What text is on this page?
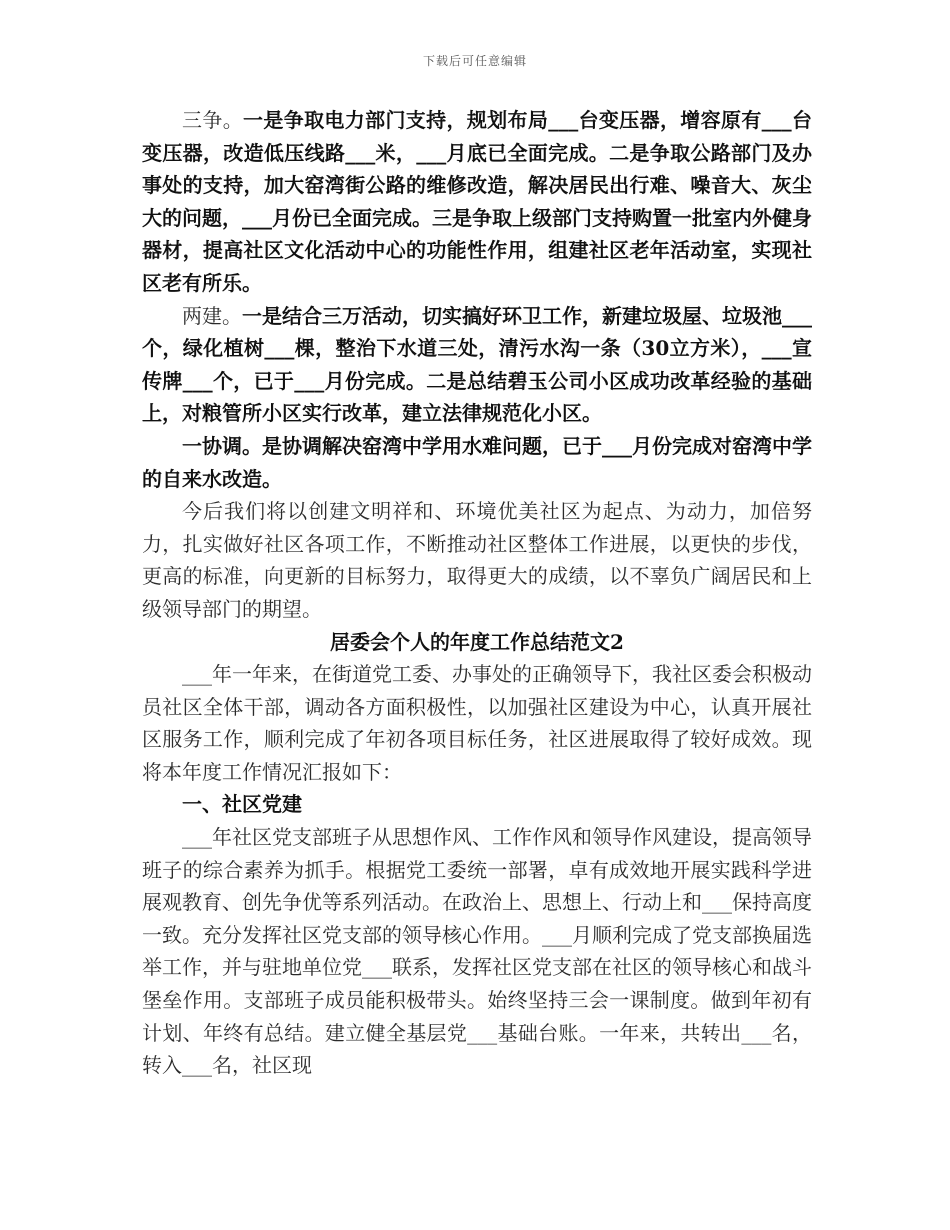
下载后可任意编辑

三争。一是争取电力部门支持，规划布局___台变压器，增容原有___台变压器，改造低压线路___米，___月底已全面完成。二是争取公路部门及办事处的支持，加大窑湾街公路的维修改造，解决居民出行难、噪音大、灰尘大的问题，___月份已全面完成。三是争取上级部门支持购置一批室内外健身器材，提高社区文化活动中心的功能性作用，组建社区老年活动室，实现社区老有所乐。

两建。一是结合三万活动，切实搞好环卫工作，新建垃圾屋、垃圾池___个，绿化植树___棵，整治下水道三处，清污水沟一条（30立方米），___宣传牌___个，已于___月份完成。二是总结碧玉公司小区成功改革经验的基础上，对粮管所小区实行改革，建立法律规范化小区。

一协调。是协调解决窑湾中学用水难问题，已于___月份完成对窑湾中学的自来水改造。

今后我们将以创建文明祥和、环境优美社区为起点、为动力，加倍努力，扎实做好社区各项工作，不断推动社区整体工作进展，以更快的步伐，更高的标准，向更新的目标努力，取得更大的成绩，以不辜负广阔居民和上级领导部门的期望。

居委会个人的年度工作总结范文2

___年一年来，在街道党工委、办事处的正确领导下，我社区委会积极动员社区全体干部，调动各方面积极性，以加强社区建设为中心，认真开展社区服务工作，顺利完成了年初各项目标任务，社区进展取得了较好成效。现将本年度工作情况汇报如下：

一、社区党建

___年社区党支部班子从思想作风、工作作风和领导作风建设，提高领导班子的综合素养为抓手。根据党工委统一部署，卓有成效地开展实践科学进展观教育、创先争优等系列活动。在政治上、思想上、行动上和___保持高度一致。充分发挥社区党支部的领导核心作用。___月顺利完成了党支部换届选举工作，并与驻地单位党___联系，发挥社区党支部在社区的领导核心和战斗堡垒作用。支部班子成员能积极带头。始终坚持三会一课制度。做到年初有计划、年终有总结。建立健全基层党___基础台账。一年来，共转出___名，转入___名，社区现
